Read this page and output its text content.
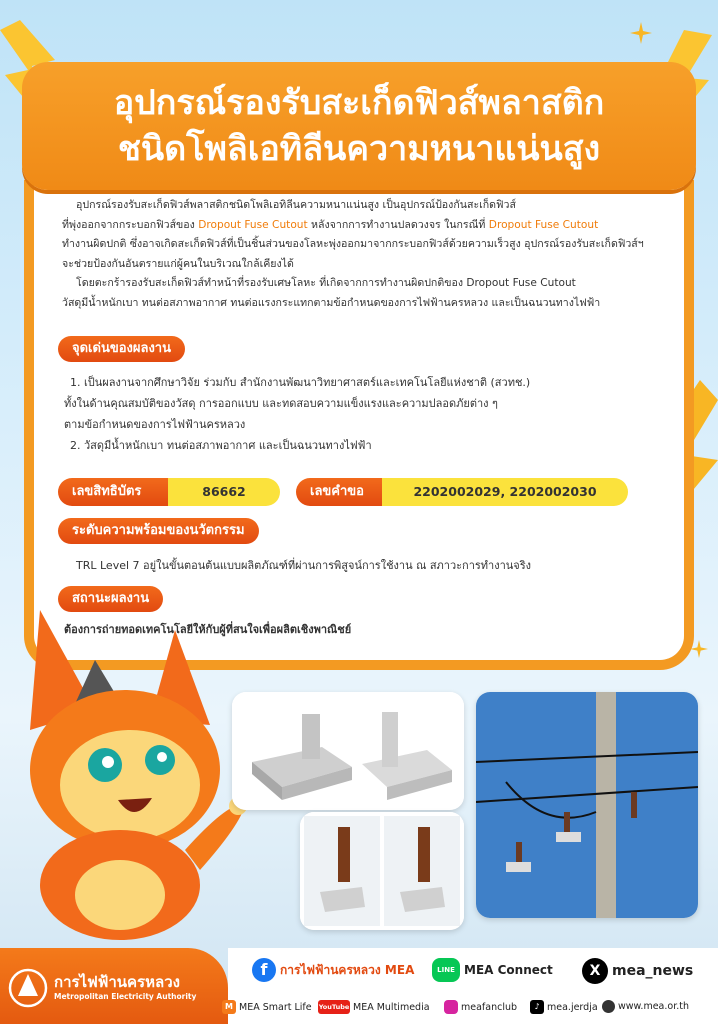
อุปกรณ์รองรับสะเก็ดฟิวส์พลาสติก
ชนิดโพลิเอทิลีนความหนาแน่นสูง
อุปกรณ์รองรับสะเก็ดฟิวส์พลาสติกชนิดโพลิเอทิลีนความหนาแน่นสูง เป็นอุปกรณ์ป้องกันสะเก็ดฟิวส์
ที่พุ่งออกจากกระบอกฟิวส์ของ Dropout Fuse Cutout หลังจากการทำงานปลดวงจร ในกรณีที่ Dropout Fuse Cutout
ทำงานผิดปกติ ซึ่งอาจเกิดสะเก็ดฟิวส์ที่เป็นชิ้นส่วนของโลหะพุ่งออกมาจากกระบอกฟิวส์ด้วยความเร็วสูง อุปกรณ์รองรับสะเก็ดฟิวส์ฯ
จะช่วยป้องกันอันตรายแก่ผู้คนในบริเวณใกล้เคียงได้
โดยตะกร้ารองรับสะเก็ดฟิวส์ทำหน้าที่รองรับเศษโลหะ ที่เกิดจากการทำงานผิดปกติของ Dropout Fuse Cutout
วัสดุมีน้ำหนักเบา ทนต่อสภาพอากาศ ทนต่อแรงกระแทกตามข้อกำหนดของการไฟฟ้านครหลวง และเป็นฉนวนทางไฟฟ้า
จุดเด่นของผลงาน
1. เป็นผลงานจากศึกษาวิจัย ร่วมกับ สำนักงานพัฒนาวิทยาศาสตร์และเทคโนโลยีแห่งชาติ (สวทช.)
ทั้งในด้านคุณสมบัติของวัสดุ การออกแบบ และทดสอบความแข็งแรงและความปลอดภัยต่าง ๆ
ตามข้อกำหนดของการไฟฟ้านครหลวง
2. วัสดุมีน้ำหนักเบา ทนต่อสภาพอากาศ และเป็นฉนวนทางไฟฟ้า
เลขสิทธิบัตร	86662	เลขคำขอ	2202002029, 2202002030
ระดับความพร้อมของนวัตกรรม
TRL Level 7 อยู่ในขั้นตอนต้นแบบผลิตภัณฑ์ที่ผ่านการพิสูจน์การใช้งาน ณ สภาวะการทำงานจริง
สถานะผลงาน
ต้องการถ่ายทอดเทคโนโลยีให้กับผู้ที่สนใจเพื่อผลิตเชิงพาณิชย์
การไฟฟ้านครหลวง
Metropolitan Electricity Authority
f	การไฟฟ้านครหลวง MEA	LINE MEA Connect	X mea_news
M MEA Smart Life YouTube MEA Multimedia	meafanclub	♪ mea.jerdja www.mea.or.th
